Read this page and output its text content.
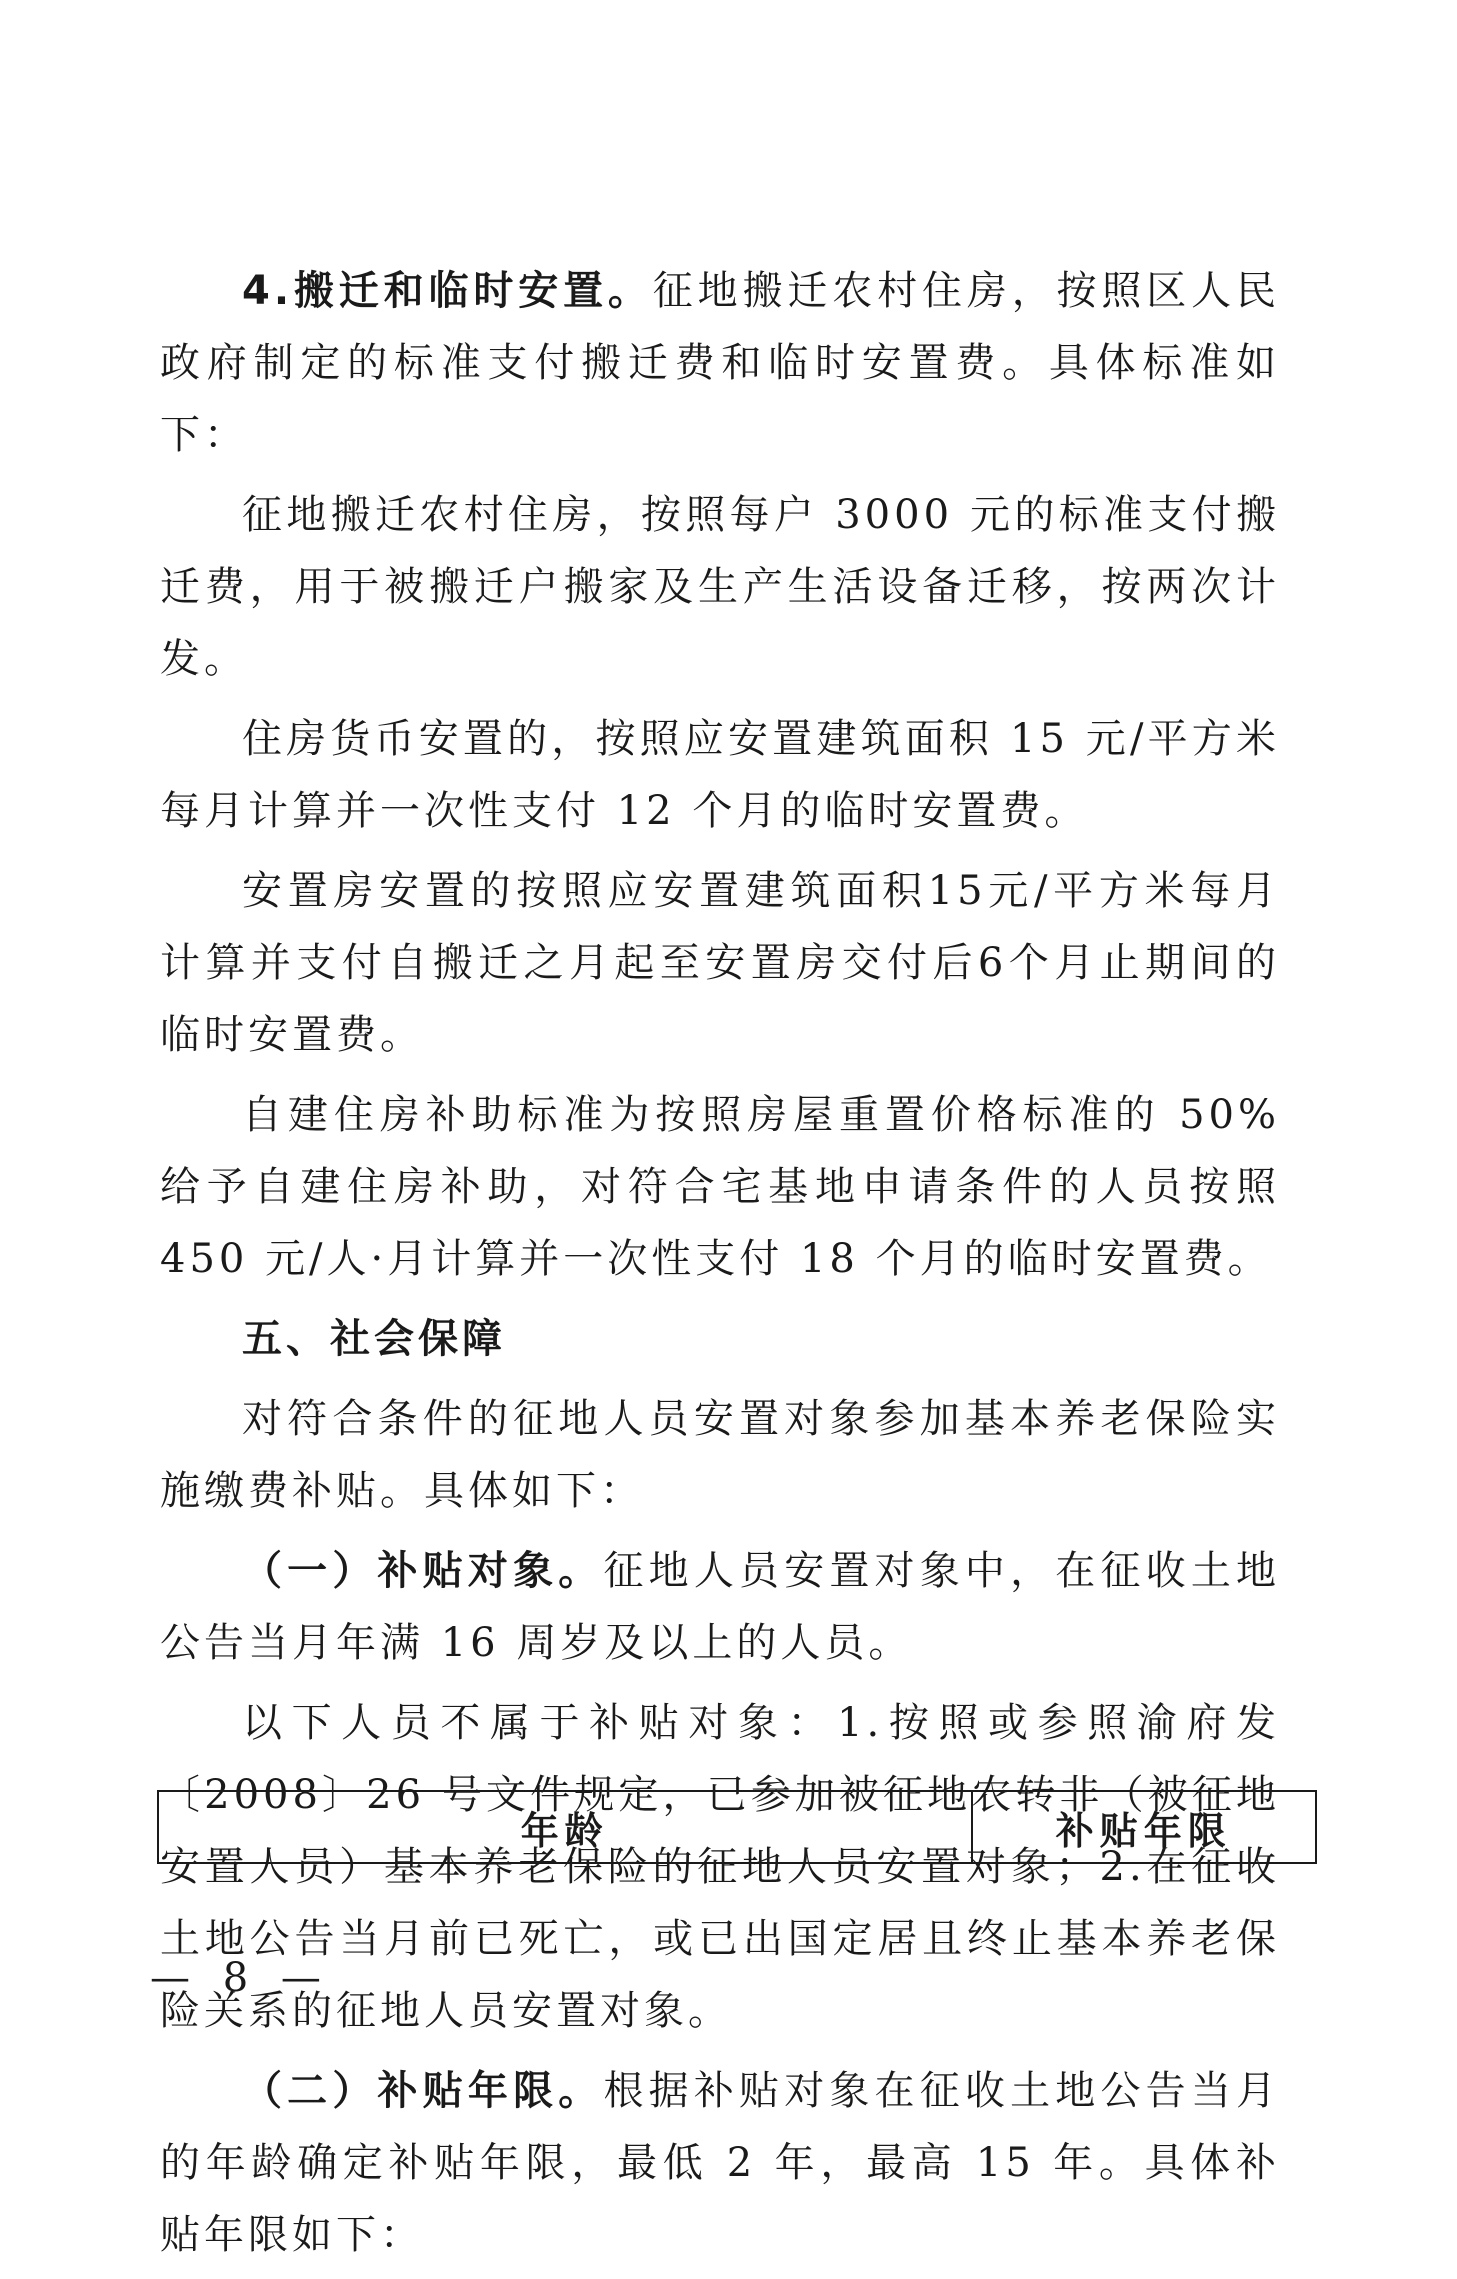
4.搬迁和临时安置。征地搬迁农村住房，按照区人民政府制定的标准支付搬迁费和临时安置费。具体标准如下：

征地搬迁农村住房，按照每户 3000 元的标准支付搬迁费，用于被搬迁户搬家及生产生活设备迁移，按两次计发。

住房货币安置的，按照应安置建筑面积 15 元/平方米每月计算并一次性支付 12 个月的临时安置费。

安置房安置的按照应安置建筑面积15元/平方米每月计算并支付自搬迁之月起至安置房交付后6个月止期间的临时安置费。

自建住房补助标准为按照房屋重置价格标准的 50%给予自建住房补助，对符合宅基地申请条件的人员按照 450 元/人·月计算并一次性支付 18 个月的临时安置费。

五、社会保障

对符合条件的征地人员安置对象参加基本养老保险实施缴费补贴。具体如下：

（一）补贴对象。征地人员安置对象中，在征收土地公告当月年满 16 周岁及以上的人员。

以下人员不属于补贴对象：1.按照或参照渝府发〔2008〕26 号文件规定，已参加被征地农转非（被征地安置人员）基本养老保险的征地人员安置对象；2.在征收土地公告当月前已死亡，或已出国定居且终止基本养老保险关系的征地人员安置对象。

（二）补贴年限。根据补贴对象在征收土地公告当月的年龄确定补贴年限，最低 2 年，最高 15 年。具体补贴年限如下：

年龄	补贴年限
— 8 —
